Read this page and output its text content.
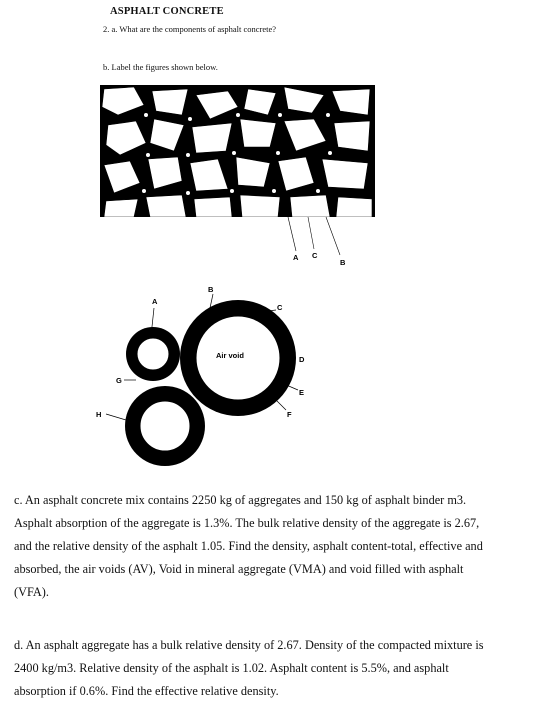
ASPHALT CONCRETE
2. a. What are the components of asphalt concrete?
b. Label the figures shown below.
A C
B
A
B
C
D
E
F
G
H
Air void
c. An asphalt concrete mix contains 2250 kg of aggregates and 150 kg of asphalt binder m3.
Asphalt absorption of the aggregate is 1.3%. The bulk relative density of the aggregate is 2.67,
and the relative density of the asphalt 1.05. Find the density, asphalt content-total, effective and
absorbed, the air voids (AV), Void in mineral aggregate (VMA) and void filled with asphalt
(VFA).
d. An asphalt aggregate has a bulk relative density of 2.67. Density of the compacted mixture is
2400 kg/m3. Relative density of the asphalt is 1.02. Asphalt content is 5.5%, and asphalt
absorption if 0.6%. Find the effective relative density.
